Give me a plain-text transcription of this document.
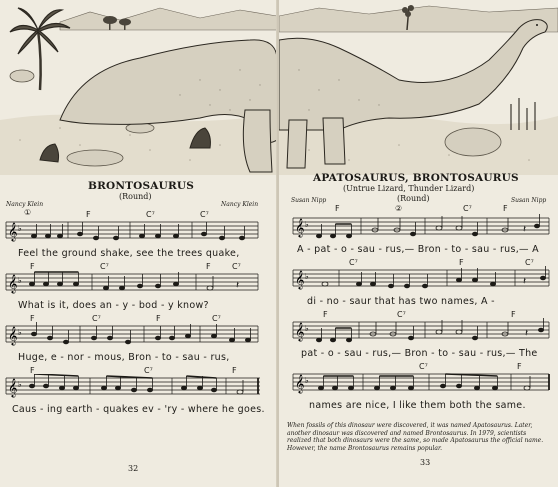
BRONTOSAURUS
(Round)
Nancy Klein	Nancy Klein
①	F	C⁷	C⁷
𝄞 ♭
Feel the ground shake, see the trees quake,
F	C⁷	F	C⁷
𝄞 ♭	𝄽
What is it, does an - y - bod - y know?
F	C⁷	F	C⁷
𝄞 ♭
Huge, e - nor - mous, Bron - to - sau - rus,
F	C⁷	F
𝄞 ♭
Caus - ing earth - quakes ev - 'ry - where he goes.
32
APATOSAURUS, BRONTOSAURUS
(Untrue Lizard, Thunder Lizard)
(Round)
Susan Nipp	Susan Nipp
F	②	C⁷	F
𝄞 ♭	𝄽
A - pat - o - sau - rus,— Bron - to - sau - rus,— A
C⁷	F	C⁷
𝄞 ♭	𝄽
di - no - saur that has two names, A -
F	C⁷	F
𝄞 ♭	𝄽
pat - o - sau - rus,— Bron - to - sau - rus,— The
C⁷	F
𝄞 ♭
names are nice, I like them both the same.
When fossils of this dinosaur were discovered, it was named Apatosaurus. Later, another dinosaur was discovered and named Brontosaurus. In 1979, scientists realized that both dinosaurs were the same, so made Apatosaurus the official name. However, the name Brontosaurus remains popular.
33
